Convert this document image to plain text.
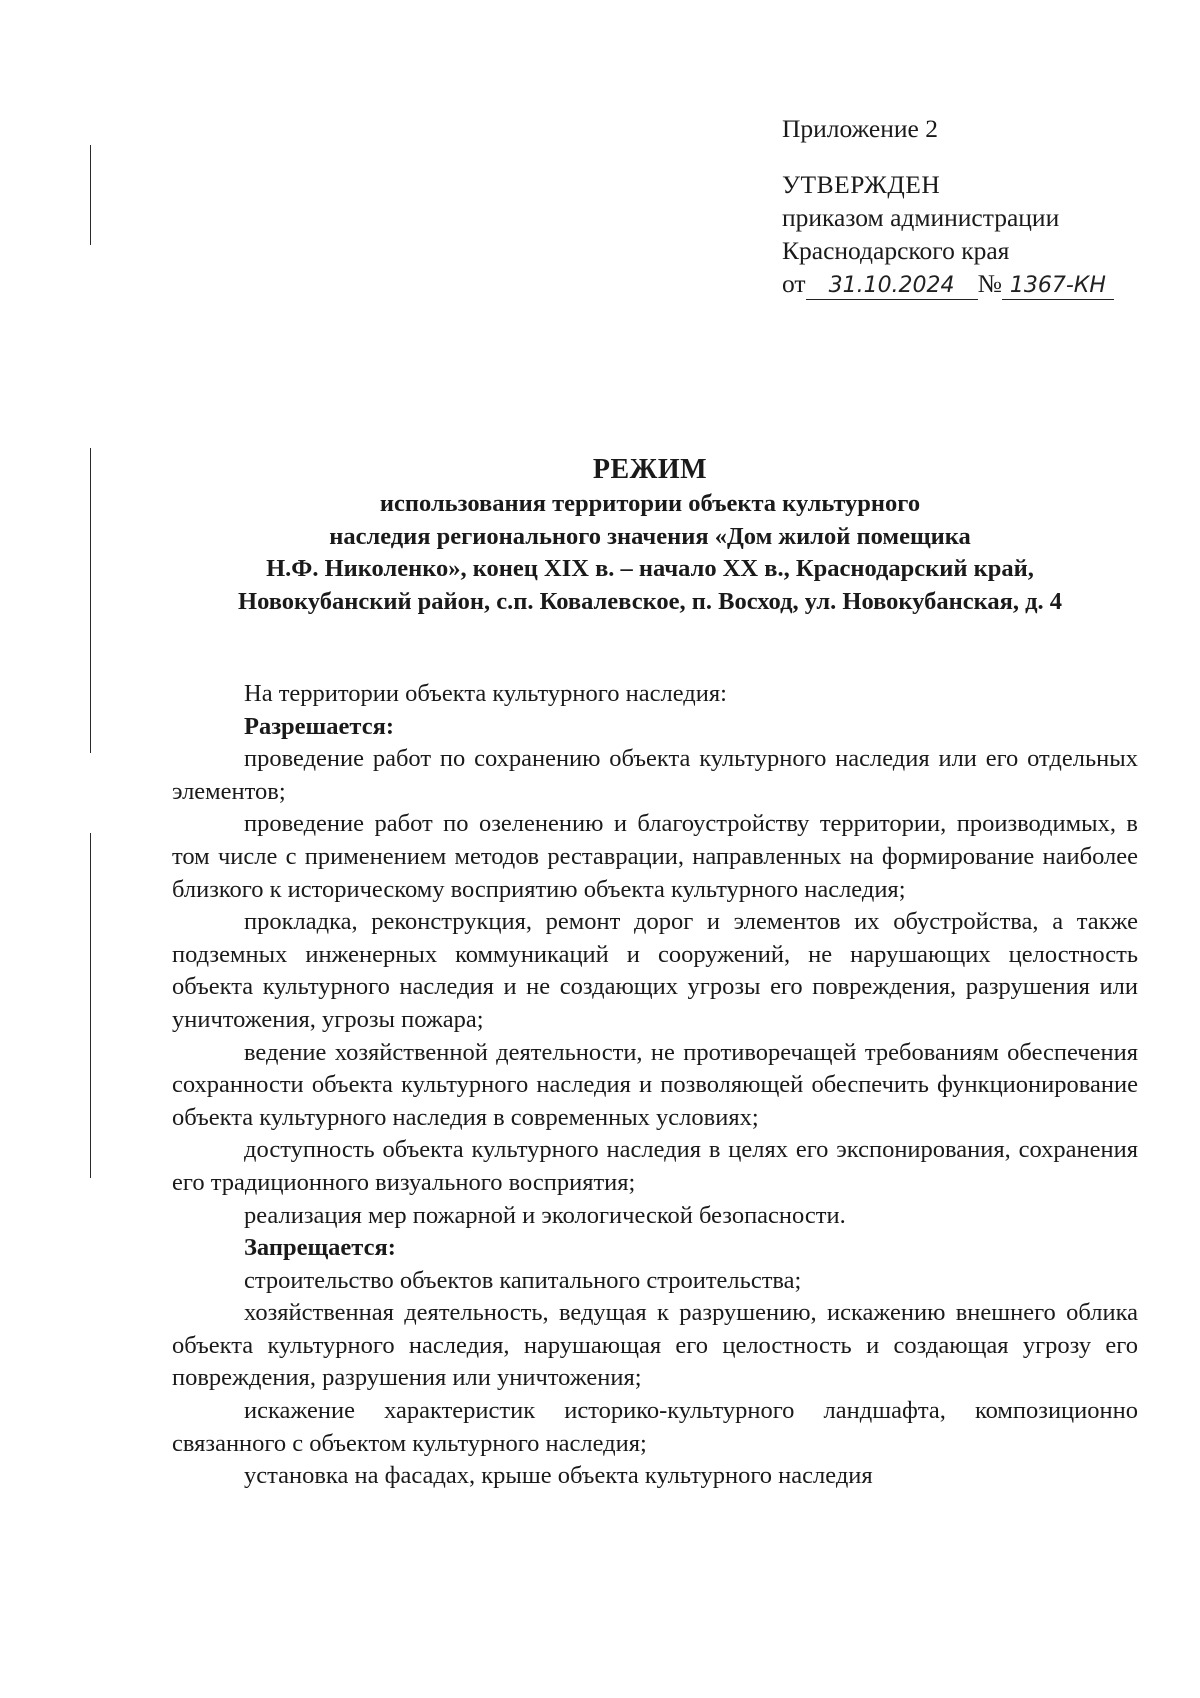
Приложение 2
УТВЕРЖДЕН
приказом администрации
Краснодарского края
от 31.10.2024 № 1367-КН
РЕЖИМ
использования территории объекта культурного
наследия регионального значения «Дом жилой помещика
Н.Ф. Николенко», конец XIX в. – начало XX в., Краснодарский край,
Новокубанский район, с.п. Ковалевское, п. Восход, ул. Новокубанская, д. 4

На территории объекта культурного наследия:

Разрешается:

проведение работ по сохранению объекта культурного наследия или его отдельных элементов;

проведение работ по озеленению и благоустройству территории, производимых, в том числе с применением методов реставрации, направленных на формирование наиболее близкого к историческому восприятию объекта культурного наследия;

прокладка, реконструкция, ремонт дорог и элементов их обустройства, а также подземных инженерных коммуникаций и сооружений, не нарушающих целостность объекта культурного наследия и не создающих угрозы его повреждения, разрушения или уничтожения, угрозы пожара;

ведение хозяйственной деятельности, не противоречащей требованиям обеспечения сохранности объекта культурного наследия и позволяющей обеспечить функционирование объекта культурного наследия в современных условиях;

доступность объекта культурного наследия в целях его экспонирования, сохранения его традиционного визуального восприятия;

реализация мер пожарной и экологической безопасности.

Запрещается:

строительство объектов капитального строительства;

хозяйственная деятельность, ведущая к разрушению, искажению внешнего облика объекта культурного наследия, нарушающая его целостность и создающая угрозу его повреждения, разрушения или уничтожения;

искажение характеристик историко-культурного ландшафта, композиционно связанного с объектом культурного наследия;

установка на фасадах, крыше объекта культурного наследия
